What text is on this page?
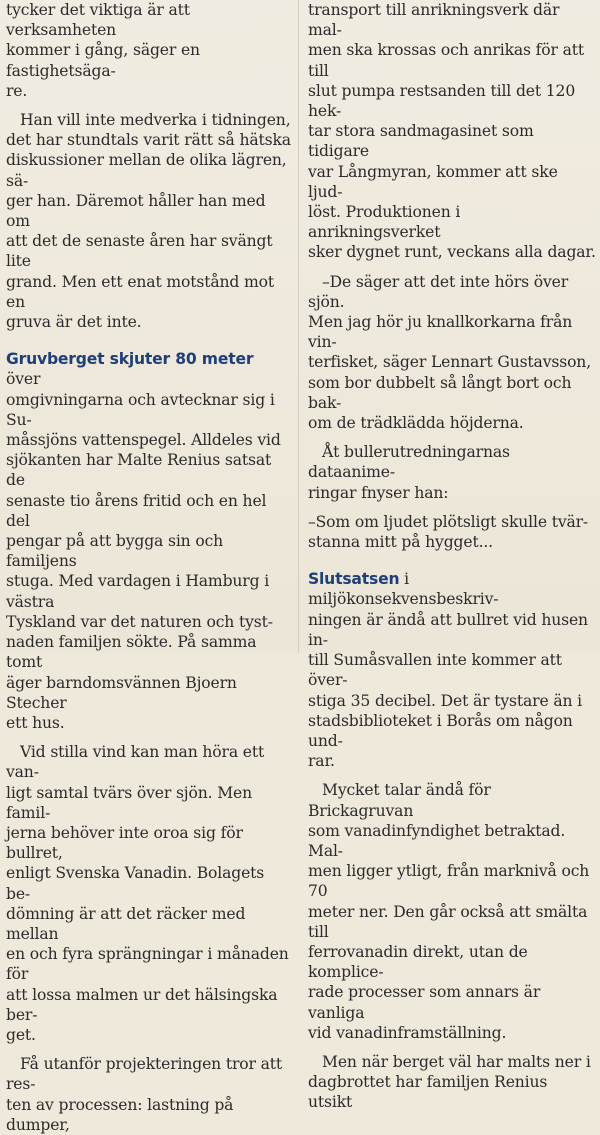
tycker det viktiga är att verksamheten
kommer i gång, säger en fastighetsäga-
re.

Han vill inte medverka i tidningen,
det har stundtals varit rätt så hätska
diskussioner mellan de olika lägren, sä-
ger han. Däremot håller han med om
att det de senaste åren har svängt lite
grand. Men ett enat motstånd mot en
gruva är det inte.

Gruvberget skjuter 80 meter över
omgivningarna och avtecknar sig i Su-
måssjöns vattenspegel. Alldeles vid
sjökanten har Malte Renius satsat de
senaste tio årens fritid och en hel del
pengar på att bygga sin och familjens
stuga. Med vardagen i Hamburg i västra
Tyskland var det naturen och tyst-
naden familjen sökte. På samma tomt
äger barndomsvännen Bjoern Stecher
ett hus.

Vid stilla vind kan man höra ett van-
ligt samtal tvärs över sjön. Men famil-
jerna behöver inte oroa sig för bullret,
enligt Svenska Vanadin. Bolagets be-
dömning är att det räcker med mellan
en och fyra sprängningar i månaden för
att lossa malmen ur det hälsingska ber-
get.

Få utanför projekteringen tror att res-
ten av processen: lastning på dumper,

transport till anrikningsverk där mal-
men ska krossas och anrikas för att till
slut pumpa restsanden till det 120 hek-
tar stora sandmagasinet som tidigare
var Långmyran, kommer att ske ljud-
löst. Produktionen i anrikningsverket
sker dygnet runt, veckans alla dagar.

–De säger att det inte hörs över sjön.
Men jag hör ju knallkorkarna från vin-
terfisket, säger Lennart Gustavsson,
som bor dubbelt så långt bort och bak-
om de trädklädda höjderna.

Åt bullerutredningarnas dataanime-
ringar fnyser han:

–Som om ljudet plötsligt skulle tvär-
stanna mitt på hygget...

Slutsatsen i miljökonsekvensbeskriv-
ningen är ändå att bullret vid husen in-
till Sumåsvallen inte kommer att över-
stiga 35 decibel. Det är tystare än i
stadsbiblioteket i Borås om någon und-
rar.

Mycket talar ändå för Brickagruvan
som vanadinfyndighet betraktad. Mal-
men ligger ytligt, från marknivå och 70
meter ner. Den går också att smälta till
ferrovanadin direkt, utan de komplice-
rade processer som annars är vanliga
vid vanadinframställning.

Men när berget väl har malts ner i
dagbrottet har familjen Renius utsikt
